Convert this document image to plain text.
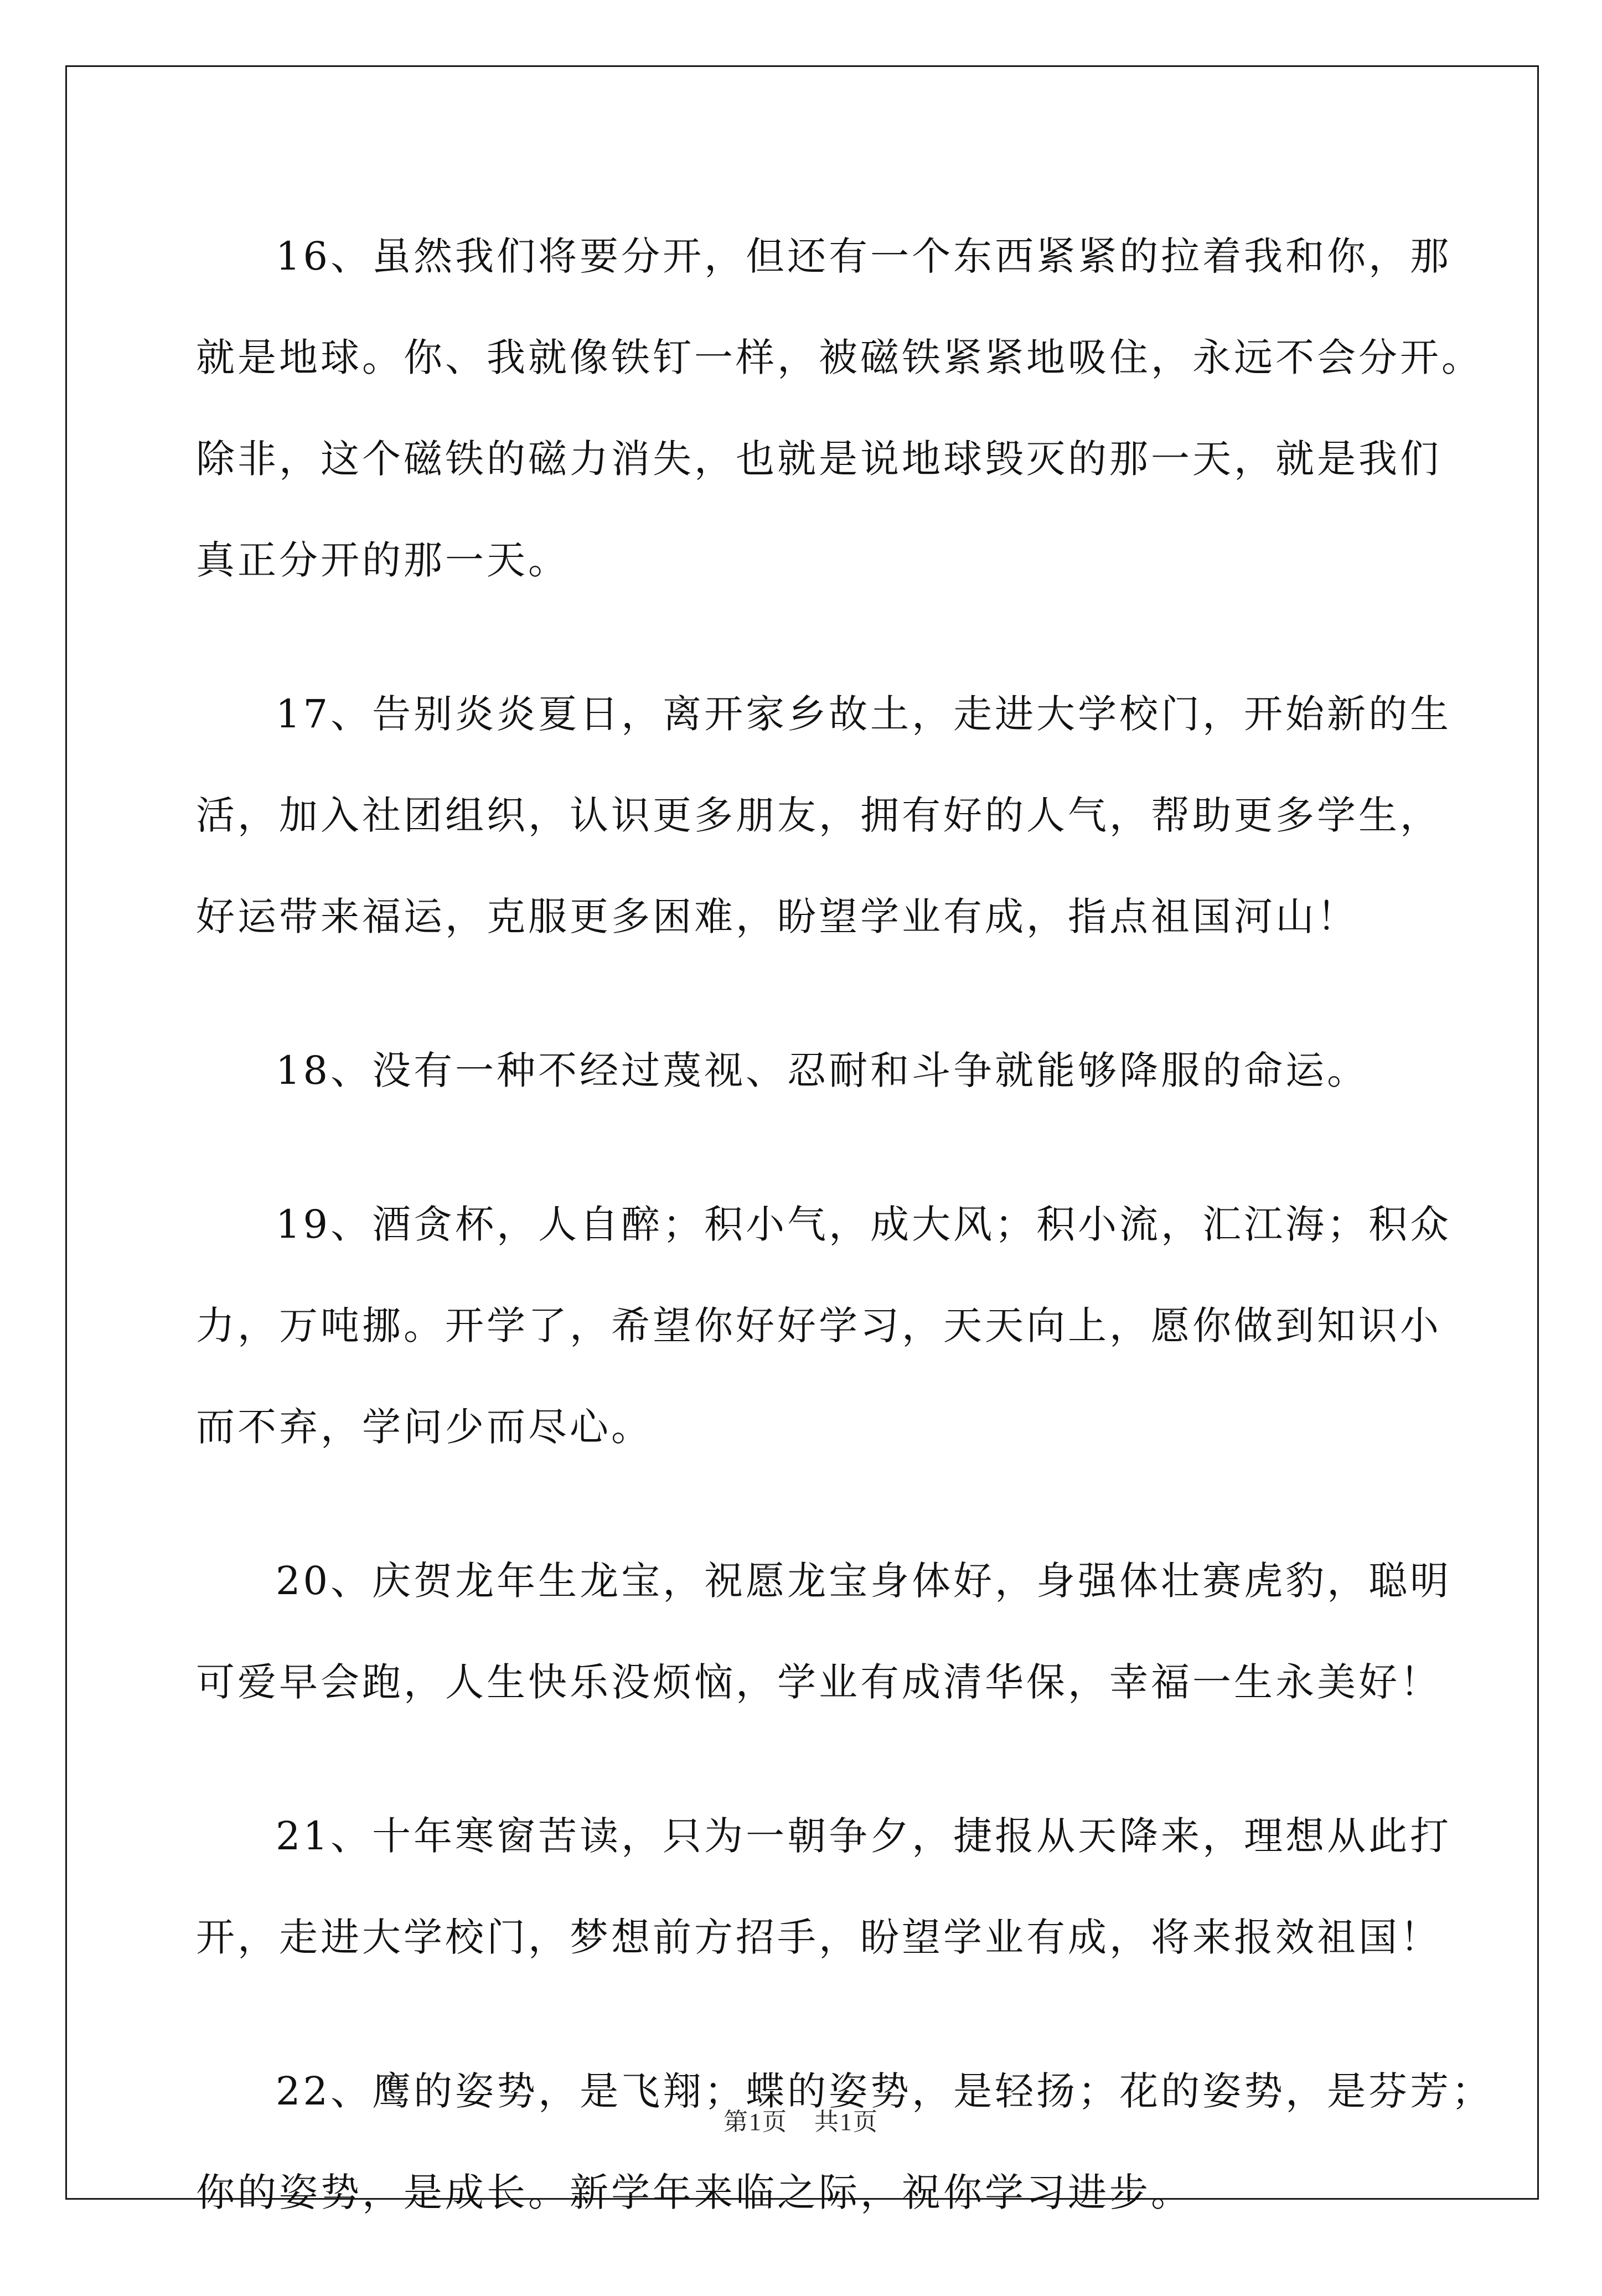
16、虽然我们将要分开，但还有一个东西紧紧的拉着我和你，那
就是地球。你、我就像铁钉一样，被磁铁紧紧地吸住，永远不会分开。
除非，这个磁铁的磁力消失，也就是说地球毁灭的那一天，就是我们
真正分开的那一天。
17、告别炎炎夏日，离开家乡故土，走进大学校门，开始新的生
活，加入社团组织，认识更多朋友，拥有好的人气，帮助更多学生，
好运带来福运，克服更多困难，盼望学业有成，指点祖国河山！
18、没有一种不经过蔑视、忍耐和斗争就能够降服的命运。
19、酒贪杯，人自醉；积小气，成大风；积小流，汇江海；积众
力，万吨挪。开学了，希望你好好学习，天天向上，愿你做到知识小
而不弃，学问少而尽心。
20、庆贺龙年生龙宝，祝愿龙宝身体好，身强体壮赛虎豹，聪明
可爱早会跑，人生快乐没烦恼，学业有成清华保，幸福一生永美好！
21、十年寒窗苦读，只为一朝争夕，捷报从天降来，理想从此打
开，走进大学校门，梦想前方招手，盼望学业有成，将来报效祖国！
22、鹰的姿势，是飞翔；蝶的姿势，是轻扬；花的姿势，是芬芳；
你的姿势，是成长。新学年来临之际，祝你学习进步。
第1页 共1页
